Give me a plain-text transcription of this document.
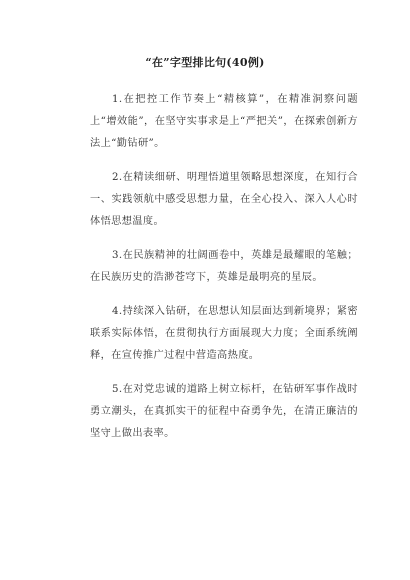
“在”字型排比句(40例)
1.在把控工作节奏上“精核算”，在精准洞察问题上“增效能”，在坚守实事求是上“严把关”，在探索创新方法上“勤钻研”。
2.在精读细研、明理悟道里领略思想深度，在知行合一、实践领航中感受思想力量，在全心投入、深入人心时体悟思想温度。
3.在民族精神的壮阔画卷中，英雄是最耀眼的笔触；在民族历史的浩渺苍穹下，英雄是最明亮的星辰。
4.持续深入钻研，在思想认知层面达到新境界；紧密联系实际体悟，在贯彻执行方面展现大力度；全面系统阐释，在宣传推广过程中营造高热度。
5.在对党忠诚的道路上树立标杆，在钻研军事作战时勇立潮头，在真抓实干的征程中奋勇争先，在清正廉洁的坚守上做出表率。
